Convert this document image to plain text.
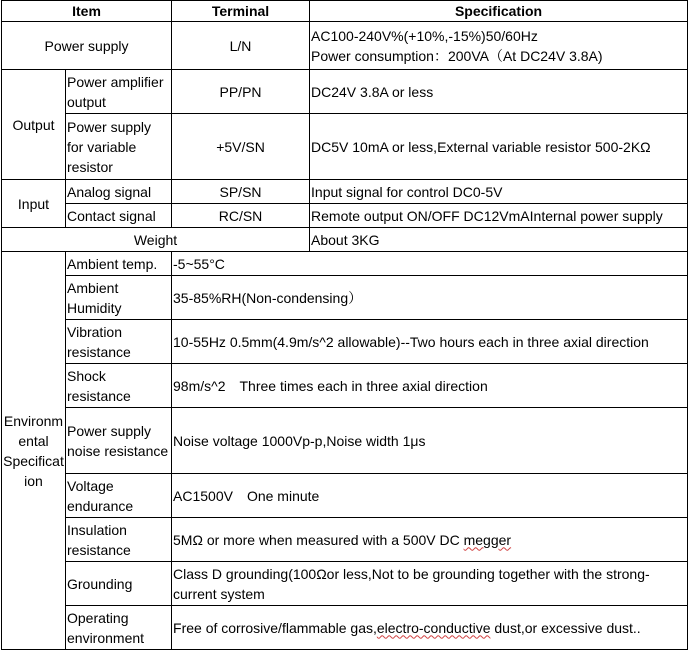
Item		Terminal	Specification
Power supply		L/N	AC100-240V%(+10%,-15%)50/60Hz
Power consumption：200VA（At DC24V 3.8A)

Output	Power amplifier output	PP/PN	DC24V 3.8A or less
	Power supply for variable resistor	+5V/SN	DC5V 10mA or less,External variable resistor 500-2KΩ
Input	Analog signal	SP/SN	Input signal for control DC0-5V
	Contact signal	RC/SN	Remote output ON/OFF DC12VmAInternal power supply
Weight			About 3KG
Environmental Specification	Ambient temp.	-5~55°C	
	Ambient Humidity	35-85%RH(Non-condensing）	
	Vibration resistance	10-55Hz 0.5mm(4.9m/s^2 allowable)--Two hours each in three axial direction	
	Shock resistance	98m/s^2　Three times each in three axial direction	
	Power supply noise resistance	Noise voltage 1000Vp-p,Noise width 1μs	
	Voltage endurance	AC1500V　One minute	
	Insulation resistance	5MΩ or more when measured with a 500V DC megger	
	Grounding	Class D grounding(100Ωor less,Not to be grounding together with the strong-current system	
	Operating environment	Free of corrosive/flammable gas,electro-conductive dust,or excessive dust..	
